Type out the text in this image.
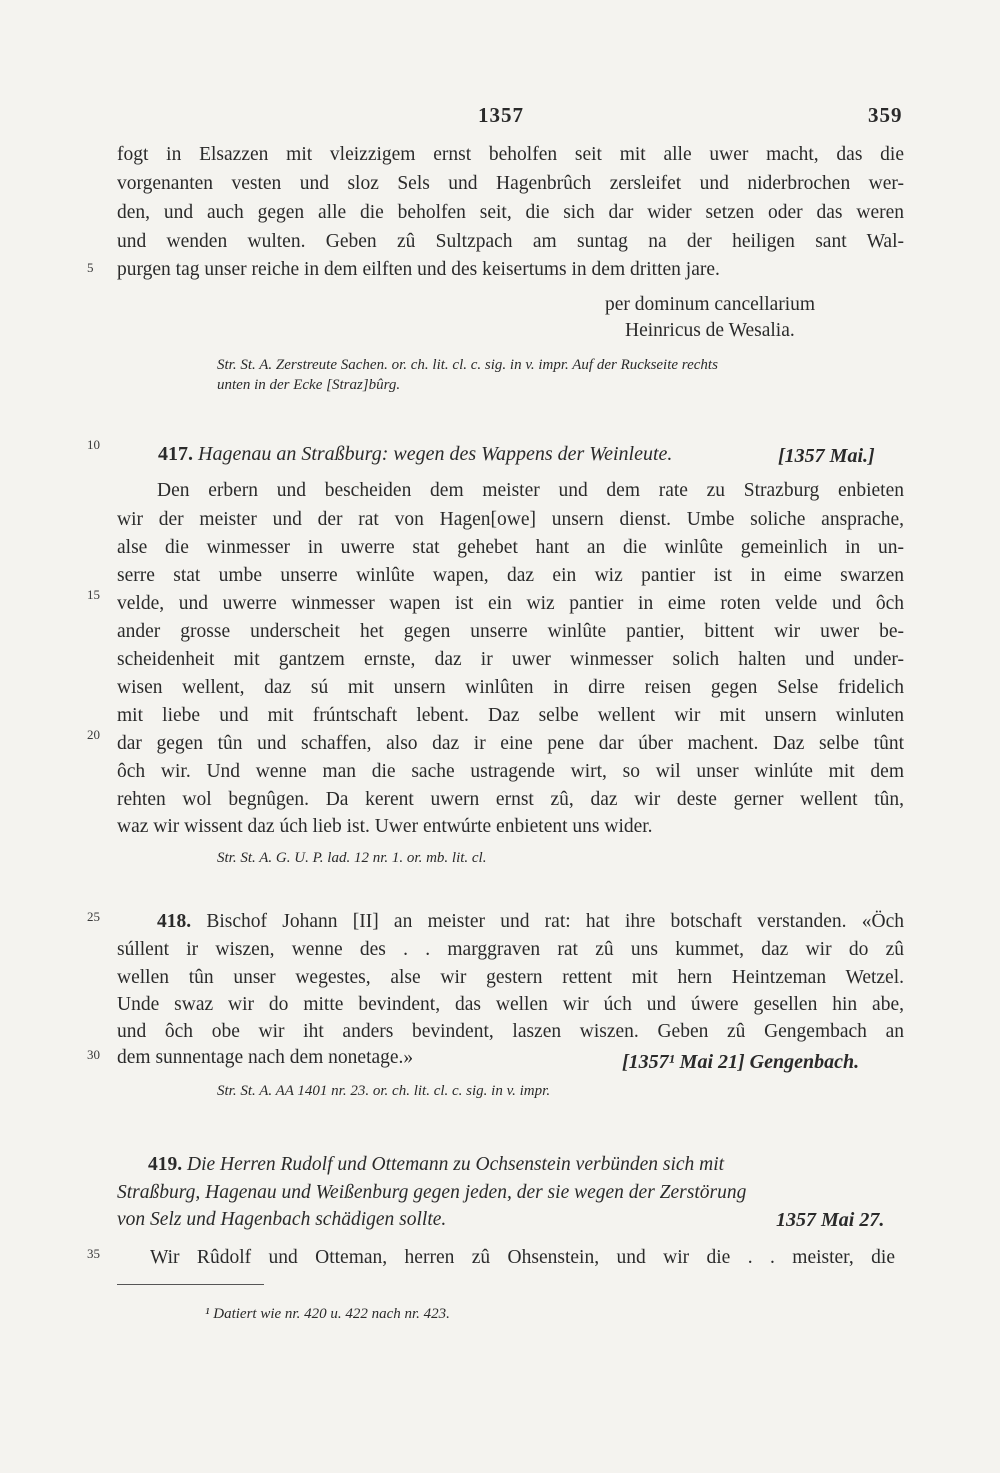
1357	359
5
10
15
20
25
30
35
fogt in Elsazzen mit vleizzigem ernst beholfen seit mit alle uwer macht, das die
vorgenanten vesten und sloz Sels und Hagenbrûch zersleifet und niderbrochen wer-
den, und auch gegen alle die beholfen seit, die sich dar wider setzen oder das weren
und wenden wulten. Geben zû Sultzpach am suntag na der heiligen sant Wal-
purgen tag unser reiche in dem eilften und des keisertums in dem dritten jare.
per dominum cancellarium
Heinricus de Wesalia.
Str. St. A. Zerstreute Sachen. or. ch. lit. cl. c. sig. in v. impr. Auf der Ruckseite rechts
unten in der Ecke [Straz]bûrg.
417. Hagenau an Straßburg: wegen des Wappens der Weinleute.	[1357 Mai.]
Den erbern und bescheiden dem meister und dem rate zu Strazburg enbieten
wir der meister und der rat von Hagen[owe] unsern dienst. Umbe soliche ansprache,
alse die winmesser in uwerre stat gehebet hant an die winlûte gemeinlich in un-
serre stat umbe unserre winlûte wapen, daz ein wiz pantier ist in eime swarzen
velde, und uwerre winmesser wapen ist ein wiz pantier in eime roten velde und ôch
ander grosse underscheit het gegen unserre winlûte pantier, bittent wir uwer be-
scheidenheit mit gantzem ernste, daz ir uwer winmesser solich halten und under-
wisen wellent, daz sú mit unsern winlûten in dirre reisen gegen Selse fridelich
mit liebe und mit frúntschaft lebent. Daz selbe wellent wir mit unsern winluten
dar gegen tûn und schaffen, also daz ir eine pene dar úber machent. Daz selbe tûnt
ôch wir. Und wenne man die sache ustragende wirt, so wil unser winlúte mit dem
rehten wol begnûgen. Da kerent uwern ernst zû, daz wir deste gerner wellent tûn,
waz wir wissent daz úch lieb ist. Uwer entwúrte enbietent uns wider.
Str. St. A. G. U. P. lad. 12 nr. 1. or. mb. lit. cl.
418. Bischof Johann [II] an meister und rat: hat ihre botschaft verstanden. «Öch
súllent ir wiszen, wenne des . . marggraven rat zû uns kummet, daz wir do zû
wellen tûn unser wegestes, alse wir gestern rettent mit hern Heintzeman Wetzel.
Unde swaz wir do mitte bevindent, das wellen wir úch und úwere gesellen hin abe,
und ôch obe wir iht anders bevindent, laszen wiszen. Geben zû Gengembach an
dem sunnentage nach dem nonetage.»	[1357¹ Mai 21] Gengenbach.
Str. St. A. AA 1401 nr. 23. or. ch. lit. cl. c. sig. in v. impr.
419. Die Herren Rudolf und Ottemann zu Ochsenstein verbünden sich mit
Straßburg, Hagenau und Weißenburg gegen jeden, der sie wegen der Zerstörung
von Selz und Hagenbach schädigen sollte.	1357 Mai 27.
Wir Rûdolf und Otteman, herren zû Ohsenstein, und wir die . . meister, die
¹ Datiert wie nr. 420 u. 422 nach nr. 423.
